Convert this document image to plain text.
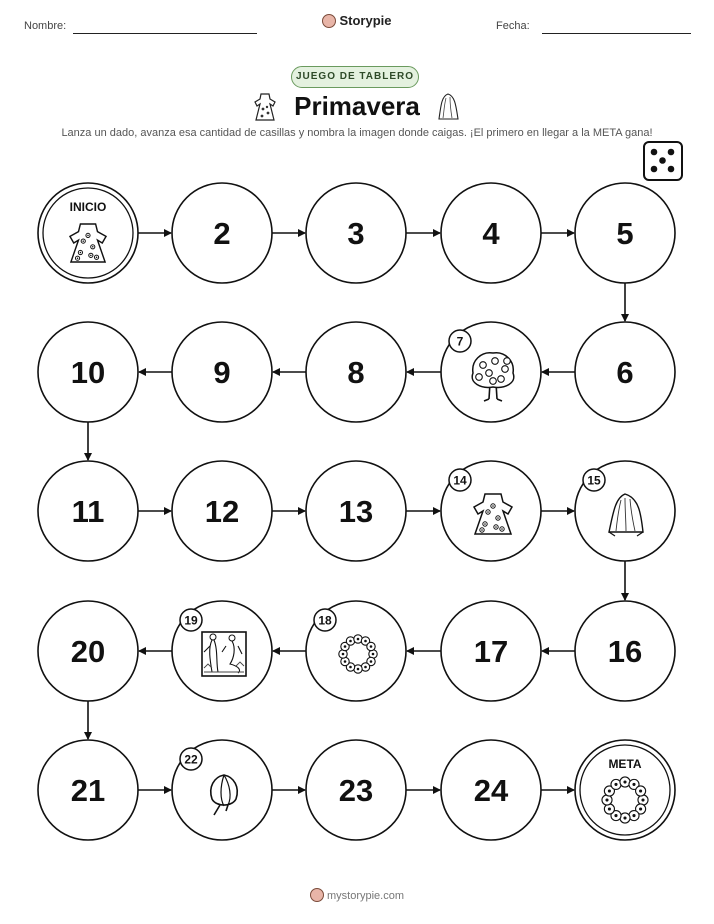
Nombre:	Storypie	Fecha:
JUEGO DE TABLERO
Primavera
Lanza un dado, avanza esa cantidad de casillas y nombra la imagen donde caigas. ¡El primero en llegar a la META gana!
INICIO
2	3	4	5
6
7
8
9
10
11	12	13
14	15
16
17
18
19
20
21
22
23	24
META
mystorypie.com
